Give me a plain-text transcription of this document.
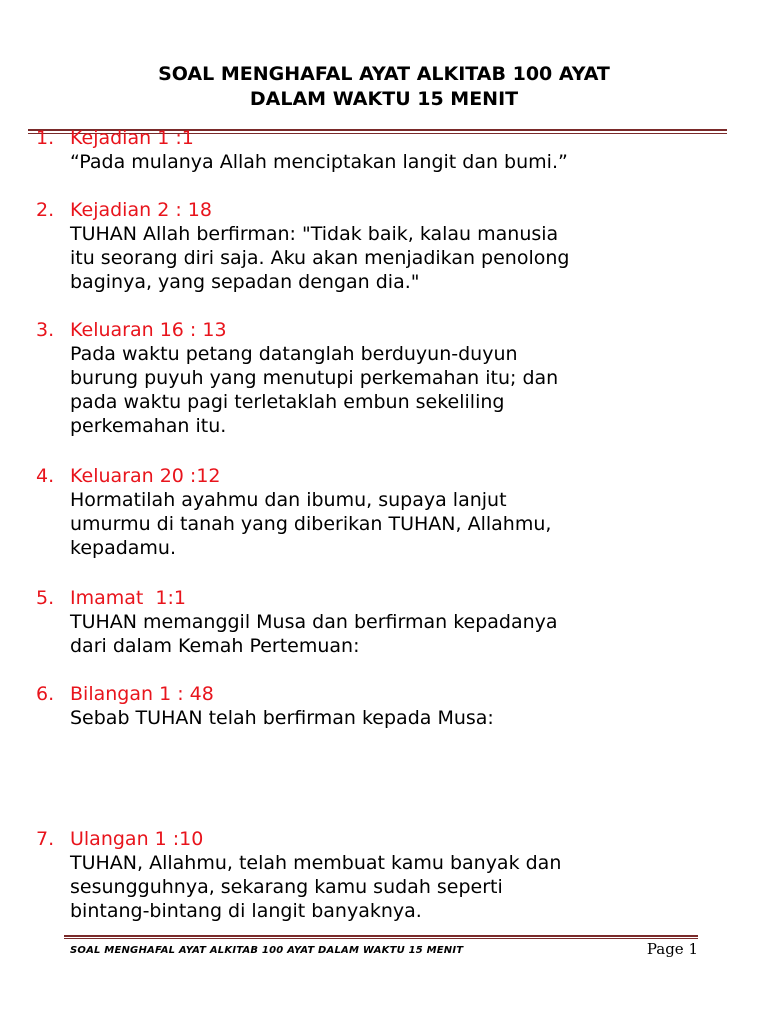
SOAL MENGHAFAL AYAT ALKITAB 100 AYAT
DALAM WAKTU 15 MENIT

1.

Kejadian 1 :1

“Pada mulanya Allah menciptakan langit dan bumi.”

2.

Kejadian 2 : 18

TUHAN Allah berfirman: "Tidak baik, kalau manusia
itu seorang diri saja. Aku akan menjadikan penolong
baginya, yang sepadan dengan dia."

3.

Keluaran 16 : 13

Pada waktu petang datanglah berduyun-duyun
burung puyuh yang menutupi perkemahan itu; dan
pada waktu pagi terletaklah embun sekeliling
perkemahan itu.

4.

Keluaran 20 :12

Hormatilah ayahmu dan ibumu, supaya lanjut
umurmu di tanah yang diberikan TUHAN, Allahmu,
kepadamu.

5.

Imamat  1:1

TUHAN memanggil Musa dan berfirman kepadanya
dari dalam Kemah Pertemuan:

6.

Bilangan 1 : 48

Sebab TUHAN telah berfirman kepada Musa:

7.

Ulangan 1 :10

TUHAN, Allahmu, telah membuat kamu banyak dan
sesungguhnya, sekarang kamu sudah seperti
bintang-bintang di langit banyaknya.
SOAL MENGHAFAL AYAT ALKITAB 100 AYAT DALAM WAKTU 15 MENIT	Page 1
